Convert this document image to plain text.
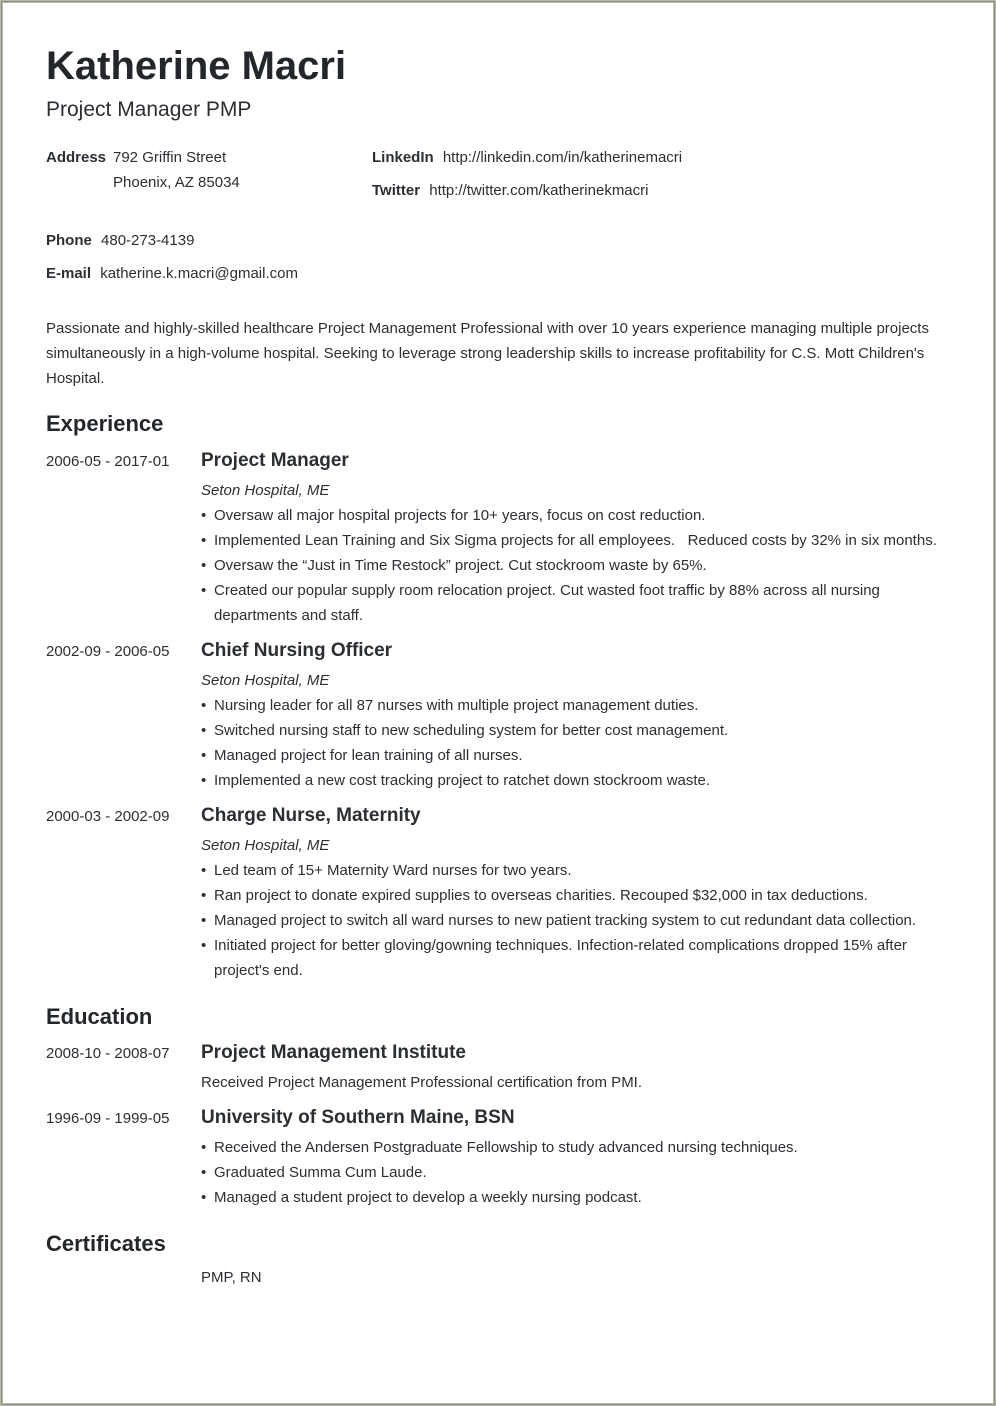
Katherine Macri
Project Manager PMP
Address 792 Griffin Street
Phoenix, AZ 85034
LinkedIn http://linkedin.com/in/katherinemacri
Twitter http://twitter.com/katherinekmacri
Phone 480-273-4139
E-mail katherine.k.macri@gmail.com
Passionate and highly-skilled healthcare Project Management Professional with over 10 years experience managing multiple projects simultaneously in a high-volume hospital. Seeking to leverage strong leadership skills to increase profitability for C.S. Mott Children's Hospital.
Experience
2006-05 - 2017-01 Project Manager
Seton Hospital, ME
• Oversaw all major hospital projects for 10+ years, focus on cost reduction.
• Implemented Lean Training and Six Sigma projects for all employees.   Reduced costs by 32% in six months.
• Oversaw the “Just in Time Restock” project. Cut stockroom waste by 65%.
• Created our popular supply room relocation project. Cut wasted foot traffic by 88% across all nursing departments and staff.
2002-09 - 2006-05 Chief Nursing Officer
Seton Hospital, ME
• Nursing leader for all 87 nurses with multiple project management duties.
• Switched nursing staff to new scheduling system for better cost management.
• Managed project for lean training of all nurses.
• Implemented a new cost tracking project to ratchet down stockroom waste.
2000-03 - 2002-09 Charge Nurse, Maternity
Seton Hospital, ME
• Led team of 15+ Maternity Ward nurses for two years.
• Ran project to donate expired supplies to overseas charities. Recouped $32,000 in tax deductions.
• Managed project to switch all ward nurses to new patient tracking system to cut redundant data collection.
• Initiated project for better gloving/gowning techniques. Infection-related complications dropped 15% after project's end.
Education
2008-10 - 2008-07 Project Management Institute
Received Project Management Professional certification from PMI.
1996-09 - 1999-05 University of Southern Maine, BSN
• Received the Andersen Postgraduate Fellowship to study advanced nursing techniques.
• Graduated Summa Cum Laude.
• Managed a student project to develop a weekly nursing podcast.
Certificates
PMP, RN
